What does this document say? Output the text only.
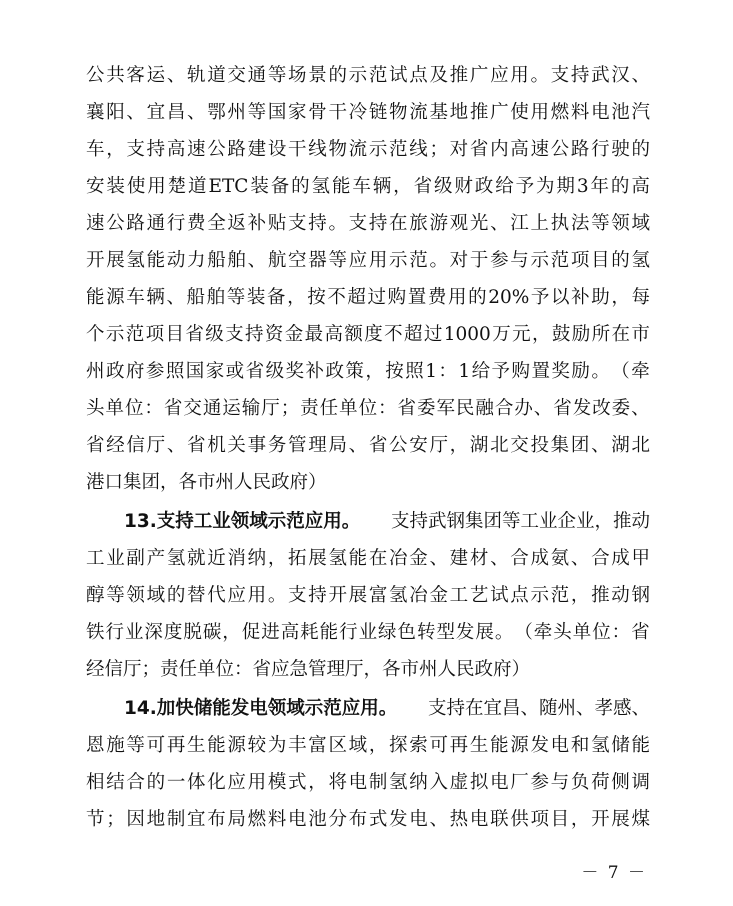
公 共 客 运 、 轨 道 交 通 等 场 景 的 示 范 试 点 及 推 广 应 用 。 支 持 武 汉 、
襄 阳 、 宜 昌 、 鄂 州 等 国 家 骨 干 冷 链 物 流 基 地 推 广 使 用 燃 料 电 池 汽
车 ， 支 持 高 速 公 路 建 设 干 线 物 流 示 范 线 ； 对 省 内 高 速 公 路 行 驶 的
安 装 使 用 楚 道 ETC 装 备 的 氢 能 车 辆 ， 省 级 财 政 给 予 为 期 3 年 的 高
速 公 路 通 行 费 全 返 补 贴 支 持 。 支 持 在 旅 游 观 光 、 江 上 执 法 等 领 域
开 展 氢 能 动 力 船 舶 、 航 空 器 等 应 用 示 范 。 对 于 参 与 示 范 项 目 的 氢
能 源 车 辆 、 船 舶 等 装 备 ， 按 不 超 过 购 置 费 用 的 20% 予 以 补 助 ， 每
个 示 范 项 目 省 级 支 持 资 金 最 高 额 度 不 超 过 1000 万 元 ， 鼓 励 所 在 市
州 政 府 参 照 国 家 或 省 级 奖 补 政 策 ， 按 照 1 ： 1 给 予 购 置 奖 励 。 （ 牵
头 单 位 ： 省 交 通 运 输 厅 ； 责 任 单 位 ： 省 委 军 民 融 合 办 、 省 发 改 委 、
省 经 信 厅 、 省 机 关 事 务 管 理 局 、 省 公 安 厅 ， 湖 北 交 投 集 团 、 湖 北
港口集团，各市州人民政府）
13.支持工业领域示范应用。 支持武钢集团等工业企业，推动
工 业 副 产 氢 就 近 消 纳 ， 拓 展 氢 能 在 冶 金 、 建 材 、 合 成 氨 、 合 成 甲
醇 等 领 域 的 替 代 应 用 。 支 持 开 展 富 氢 冶 金 工 艺 试 点 示 范 ， 推 动 钢
铁 行 业 深 度 脱 碳 ， 促 进 高 耗 能 行 业 绿 色 转 型 发 展 。 （ 牵 头 单 位 ： 省
经信厅；责任单位：省应急管理厅，各市州人民政府）
14.加快储能发电领域示范应用。 支持在宜昌、随州、孝感、
恩 施 等 可 再 生 能 源 较 为 丰 富 区 域 ， 探 索 可 再 生 能 源 发 电 和 氢 储 能
相 结 合 的 一 体 化 应 用 模 式 ， 将 电 制 氢 纳 入 虚 拟 电 厂 参 与 负 荷 侧 调
节 ； 因 地 制 宜 布 局 燃 料 电 池 分 布 式 发 电 、 热 电 联 供 项 目 ， 开 展 煤
－ 7 －
